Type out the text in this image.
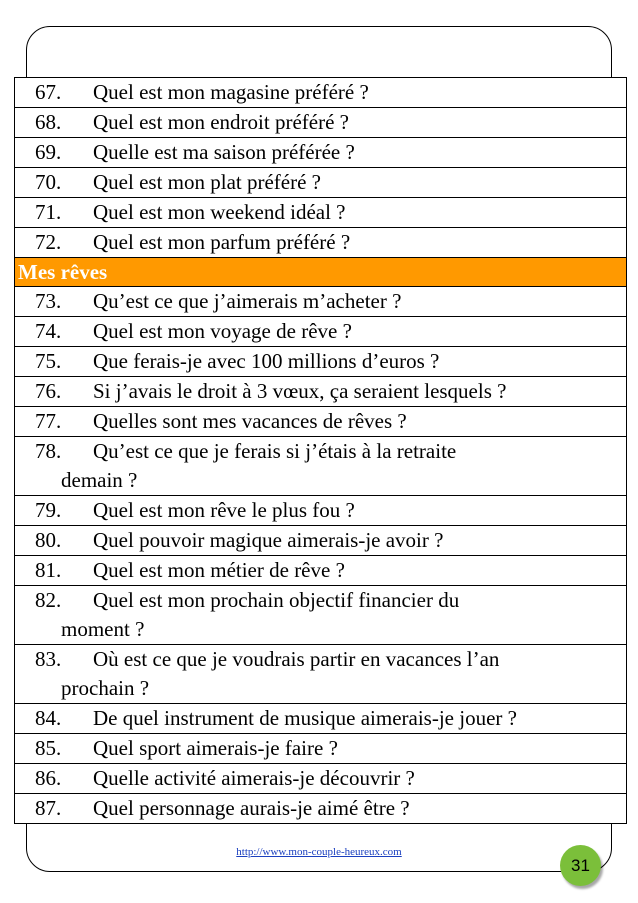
67. Quel est mon magasine préféré ?
68. Quel est mon endroit préféré ?
69. Quelle est ma saison préférée ?
70. Quel est mon plat préféré ?
71. Quel est mon weekend idéal ?
72. Quel est mon parfum préféré ?
Mes rêves
73. Qu’est ce que j’aimerais m’acheter ?
74. Quel est mon voyage de rêve ?
75. Que ferais-je avec 100 millions d’euros ?
76. Si j’avais le droit à 3 vœux, ça seraient lesquels ?
77. Quelles sont mes vacances de rêves ?
78. Qu’est ce que je ferais si j’étais à la retraite
demain ?
79. Quel est mon rêve le plus fou ?
80. Quel pouvoir magique aimerais-je avoir ?
81. Quel est mon métier de rêve ?
82. Quel est mon prochain objectif financier du
moment ?
83. Où est ce que je voudrais partir en vacances l’an
prochain ?
84. De quel instrument de musique aimerais-je jouer ?
85. Quel sport aimerais-je faire ?
86. Quelle activité aimerais-je découvrir ?
87. Quel personnage aurais-je aimé être ?
http://www.mon-couple-heureux.com
31
